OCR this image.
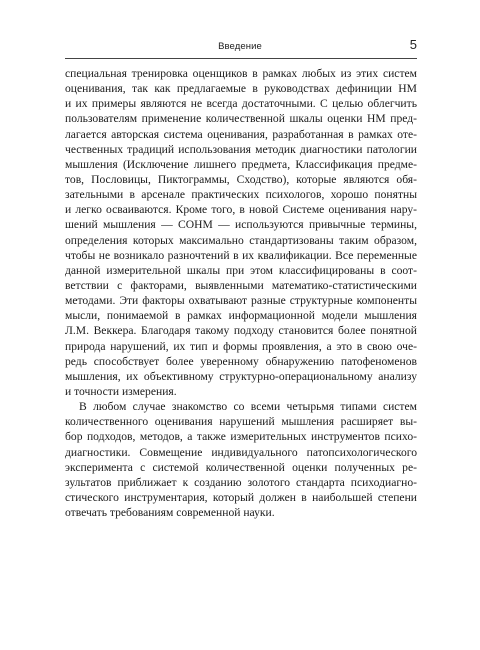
Введение	5

специальная тренировка оценщиков в рамках любых из этих систем
оценивания, так как предлагаемые в руководствах дефиниции НМ
и их примеры являются не всегда достаточными. С целью облегчить
пользователям применение количественной шкалы оценки НМ пред-
лагается авторская система оценивания, разработанная в рамках оте-
чественных традиций использования методик диагностики патологии
мышления (Исключение лишнего предмета, Классификация предме-
тов, Пословицы, Пиктограммы, Сходство), которые являются обя-
зательными в арсенале практических психологов, хорошо понятны
и легко осваиваются. Кроме того, в новой Системе оценивания нару-
шений мышления — СОНМ — используются привычные термины,
определения которых максимально стандартизованы таким образом,
чтобы не возникало разночтений в их квалификации. Все переменные
данной измерительной шкалы при этом классифицированы в соот-
ветствии с факторами, выявленными математико-статистическими
методами. Эти факторы охватывают разные структурные компоненты
мысли, понимаемой в рамках информационной модели мышления
Л.М. Веккера. Благодаря такому подходу становится более понятной
природа нарушений, их тип и формы проявления, а это в свою оче-
редь способствует более уверенному обнаружению патофеноменов
мышления, их объективному структурно-операциональному анализу
и точности измерения.

В любом случае знакомство со всеми четырьмя типами систем
количественного оценивания нарушений мышления расширяет вы-
бор подходов, методов, а также измерительных инструментов психо-
диагностики. Совмещение индивидуального патопсихологического
эксперимента с системой количественной оценки полученных ре-
зультатов приближает к созданию золотого стандарта психодиагно-
стического инструментария, который должен в наибольшей степени
отвечать требованиям современной науки.
